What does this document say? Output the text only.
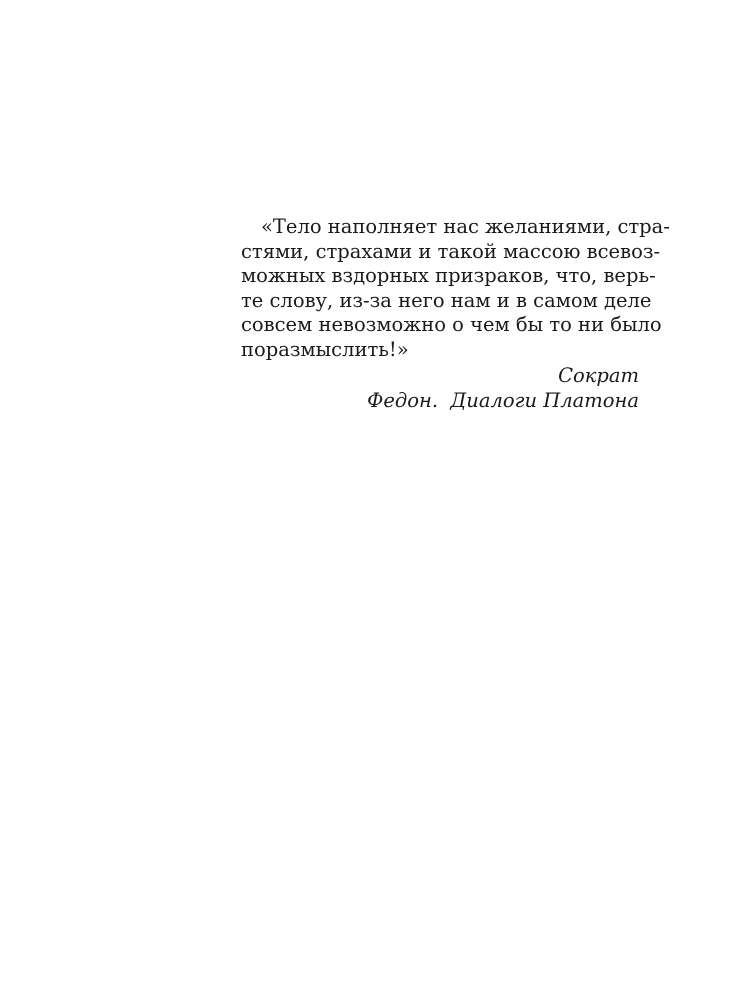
«Тело наполняет нас желаниями, стра-
стями, страхами и такой массою всевоз-
можных вздорных призраков, что, верь-
те слову, из-за него нам и в самом деле
совсем невозможно о чем бы то ни было
поразмыслить!»
Сократ
Федон.  Диалоги Платона
